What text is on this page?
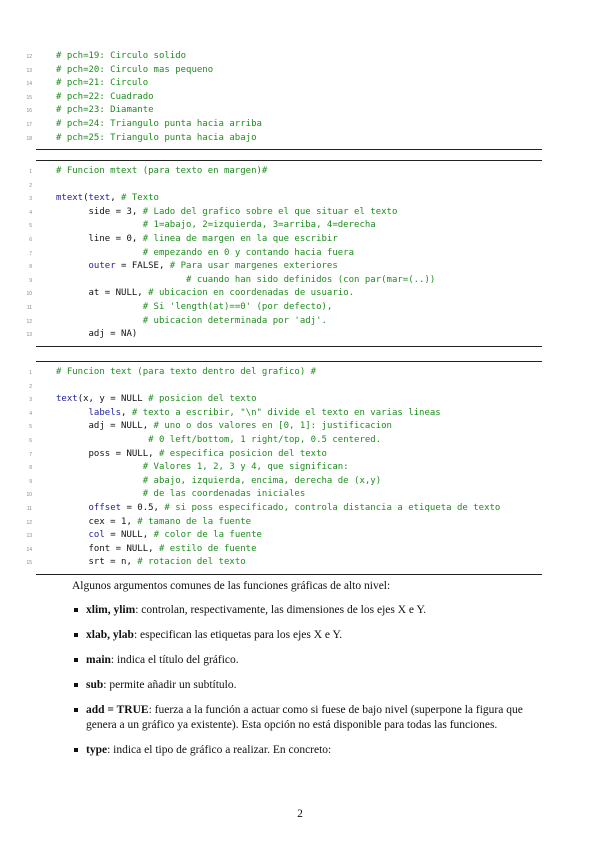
12	# pch=19: Circulo solido
13	# pch=20: Circulo mas pequeno
14	# pch=21: Circulo
15	# pch=22: Cuadrado
16	# pch=23: Diamante
17	# pch=24: Triangulo punta hacia arriba
18	# pch=25: Triangulo punta hacia abajo
1	# Funcion mtext (para texto en margen)#
2
3	mtext(text, # Texto
4	side = 3, # Lado del grafico sobre el que situar el texto
5	# 1=abajo, 2=izquierda, 3=arriba, 4=derecha
6	line = 0, # linea de margen en la que escribir
7	# empezando en 0 y contando hacia fuera
8	outer = FALSE, # Para usar margenes exteriores
9	# cuando han sido definidos (con par(mar=(..))
10	at = NULL, # ubicacion en coordenadas de usuario.
11	# Si 'length(at)==0' (por defecto),
12	# ubicacion determinada por 'adj'.
13	adj = NA)
1	# Funcion text (para texto dentro del grafico) #
2
3	text(x, y = NULL # posicion del texto
4	labels, # texto a escribir, "\n" divide el texto en varias lineas
5	adj = NULL, # uno o dos valores en [0, 1]: justificacion
6	# 0 left/bottom, 1 right/top, 0.5 centered.
7	poss = NULL, # especifica posicion del texto
8	# Valores 1, 2, 3 y 4, que significan:
9	# abajo, izquierda, encima, derecha de (x,y)
10	# de las coordenadas iniciales
11	offset = 0.5, # si poss especificado, controla distancia a etiqueta de texto
12	cex = 1, # tamano de la fuente
13	col = NULL, # color de la fuente
14	font = NULL, # estilo de fuente
15	srt = n, # rotacion del texto

Algunos argumentos comunes de las funciones gráficas de alto nivel:

xlim, ylim: controlan, respectivamente, las dimensiones de los ejes X e Y.
xlab, ylab: especifican las etiquetas para los ejes X e Y.
main: indica el título del gráfico.
sub: permite añadir un subtítulo.
add = TRUE: fuerza a la función a actuar como si fuese de bajo nivel (superpone la figura que genera a un gráfico ya existente). Esta opción no está disponible para todas las funciones.
type: indica el tipo de gráfico a realizar. En concreto:
2
